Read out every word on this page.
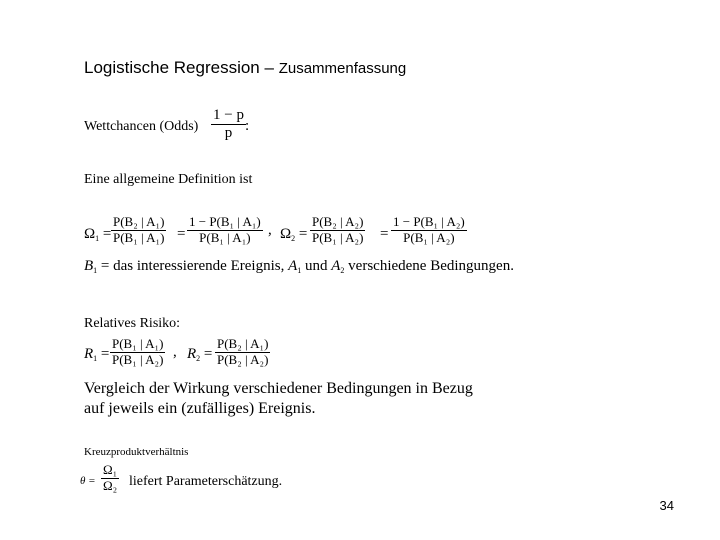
Logistische Regression – Zusammenfassung
Wettchancen (Odds) $\frac{1 - p}{p}$ :
Eine allgemeine Definition ist
$\Omega_1 = \frac{\text{P(B₂ | A₁)}}{\text{P(B₁ | A₁)}} = \frac{\text{1 − P(B₁ | A₁)}}{\text{P(B₁ | A₁)}}$ , $\Omega_2 = \frac{\text{P(B₂ | A₂)}}{\text{P(B₁ | A₂)}} = \frac{\text{1 − P(B₁ | A₂)}}{\text{P(B₁ | A₂)}}$
$B_1$ = das interessierende Ereignis, $A_1$ und $A_2$ verschiedene Bedingungen.
Relatives Risiko:
$R_1 = \frac{\text{P(B₁ | A₁)}}{\text{P(B₁ | A₂)}}$ , $R_2 = \frac{\text{P(B₂ | A₁)}}{\text{P(B₂ | A₂)}}$
Vergleich der Wirkung verschiedener Bedingungen in Bezug
auf jeweils ein (zufälliges) Ereignis.
Kreuzproduktverhältnis
$\theta = \frac{\text{Ω₁}}{\text{Ω₂}}$ liefert Parameterschätzung.
34
